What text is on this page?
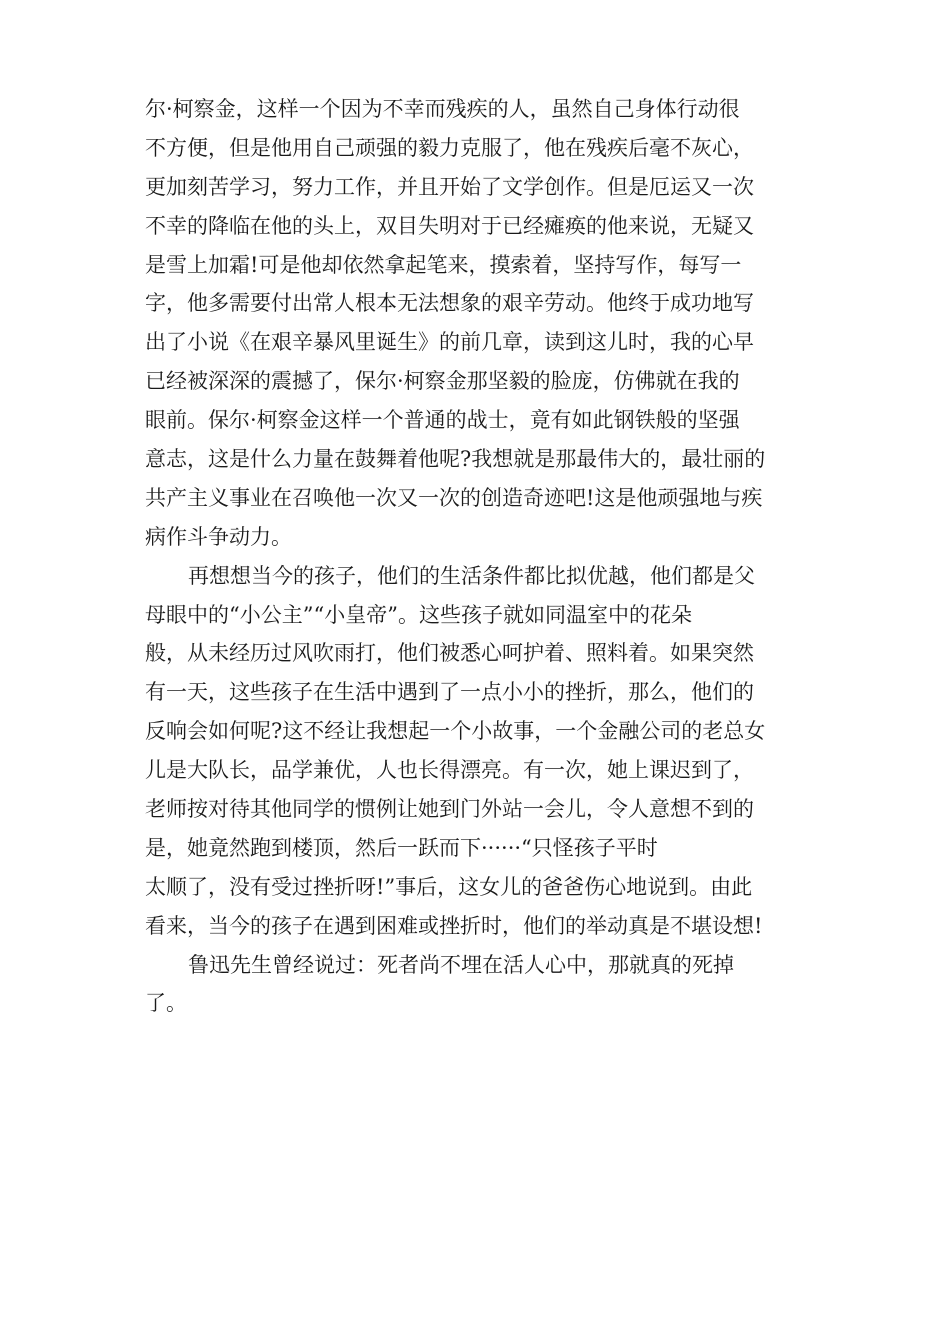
尔·柯察金，这样一个因为不幸而残疾的人，虽然自己身体行动很
不方便，但是他用自己顽强的毅力克服了，他在残疾后毫不灰心，
更加刻苦学习，努力工作，并且开始了文学创作。但是厄运又一次
不幸的降临在他的头上，双目失明对于已经瘫痪的他来说，无疑又
是雪上加霜!可是他却依然拿起笔来，摸索着，坚持写作，每写一
字，他多需要付出常人根本无法想象的艰辛劳动。他终于成功地写
出了小说《在艰辛暴风里诞生》的前几章，读到这儿时，我的心早
已经被深深的震撼了，保尔·柯察金那坚毅的脸庞，仿佛就在我的
眼前。保尔·柯察金这样一个普通的战士，竟有如此钢铁般的坚强
意志，这是什么力量在鼓舞着他呢?我想就是那最伟大的，最壮丽的
共产主义事业在召唤他一次又一次的创造奇迹吧!这是他顽强地与疾
病作斗争动力。
再想想当今的孩子，他们的生活条件都比拟优越，他们都是父
母眼中的“小公主”“小皇帝”。这些孩子就如同温室中的花朵
般，从未经历过风吹雨打，他们被悉心呵护着、照料着。如果突然
有一天，这些孩子在生活中遇到了一点小小的挫折，那么，他们的
反响会如何呢?这不经让我想起一个小故事，一个金融公司的老总女
儿是大队长，品学兼优，人也长得漂亮。有一次，她上课迟到了，
老师按对待其他同学的惯例让她到门外站一会儿，令人意想不到的
是，她竟然跑到楼顶，然后一跃而下······“只怪孩子平时
太顺了，没有受过挫折呀!”事后，这女儿的爸爸伤心地说到。由此
看来，当今的孩子在遇到困难或挫折时，他们的举动真是不堪设想!
鲁迅先生曾经说过：死者尚不埋在活人心中，那就真的死掉
了。
